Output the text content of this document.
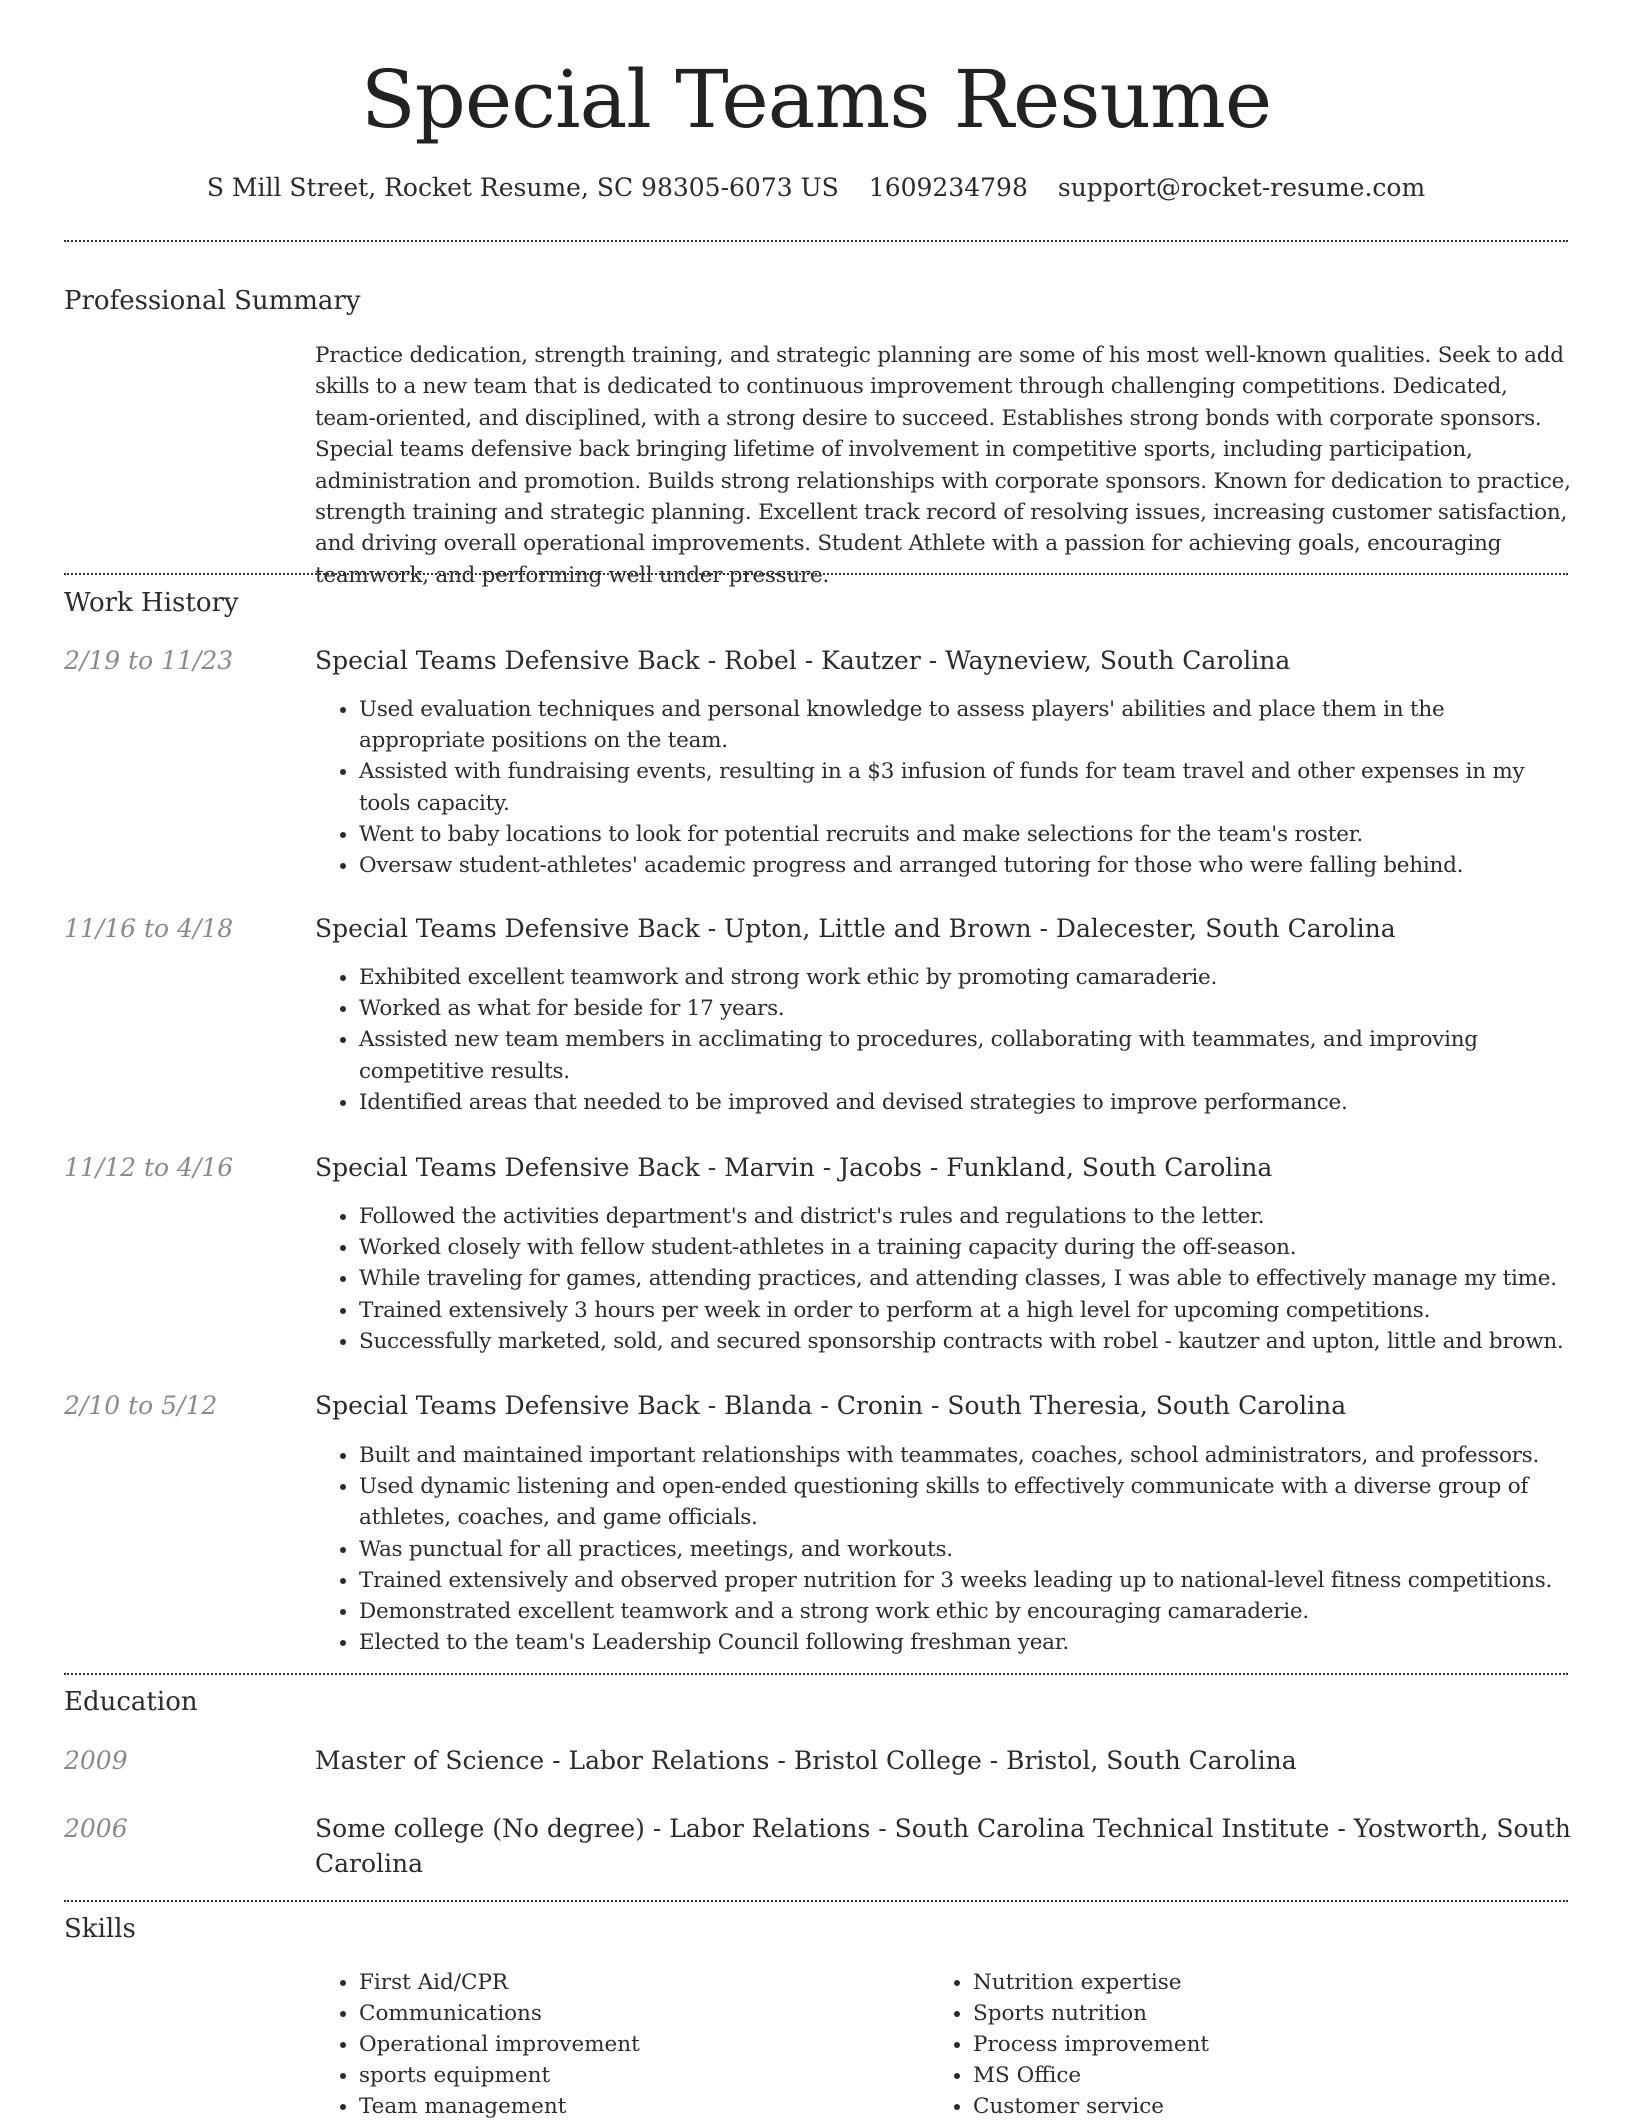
Special Teams Resume
S Mill Street, Rocket Resume, SC 98305-6073 US 1609234798 support@rocket-resume.com
Professional Summary
Practice dedication, strength training, and strategic planning are some of his most well-known qualities. Seek to add skills to a new team that is dedicated to continuous improvement through challenging competitions. Dedicated, team-oriented, and disciplined, with a strong desire to succeed. Establishes strong bonds with corporate sponsors. Special teams defensive back bringing lifetime of involvement in competitive sports, including participation, administration and promotion. Builds strong relationships with corporate sponsors. Known for dedication to practice, strength training and strategic planning. Excellent track record of resolving issues, increasing customer satisfaction, and driving overall operational improvements. Student Athlete with a passion for achieving goals, encouraging teamwork, and performing well under pressure.
Work History
2/19 to 11/23	Special Teams Defensive Back - Robel - Kautzer - Wayneview, South Carolina
• Used evaluation techniques and personal knowledge to assess players' abilities and place them in the appropriate positions on the team.
• Assisted with fundraising events, resulting in a $3 infusion of funds for team travel and other expenses in my tools capacity.
• Went to baby locations to look for potential recruits and make selections for the team's roster.
• Oversaw student-athletes' academic progress and arranged tutoring for those who were falling behind.
11/16 to 4/18	Special Teams Defensive Back - Upton, Little and Brown - Dalecester, South Carolina
• Exhibited excellent teamwork and strong work ethic by promoting camaraderie.
• Worked as what for beside for 17 years.
• Assisted new team members in acclimating to procedures, collaborating with teammates, and improving competitive results.
• Identified areas that needed to be improved and devised strategies to improve performance.
11/12 to 4/16	Special Teams Defensive Back - Marvin - Jacobs - Funkland, South Carolina
• Followed the activities department's and district's rules and regulations to the letter.
• Worked closely with fellow student-athletes in a training capacity during the off-season.
• While traveling for games, attending practices, and attending classes, I was able to effectively manage my time.
• Trained extensively 3 hours per week in order to perform at a high level for upcoming competitions.
• Successfully marketed, sold, and secured sponsorship contracts with robel - kautzer and upton, little and brown.
2/10 to 5/12	Special Teams Defensive Back - Blanda - Cronin - South Theresia, South Carolina
• Built and maintained important relationships with teammates, coaches, school administrators, and professors.
• Used dynamic listening and open-ended questioning skills to effectively communicate with a diverse group of athletes, coaches, and game officials.
• Was punctual for all practices, meetings, and workouts.
• Trained extensively and observed proper nutrition for 3 weeks leading up to national-level fitness competitions.
• Demonstrated excellent teamwork and a strong work ethic by encouraging camaraderie.
• Elected to the team's Leadership Council following freshman year.
Education
2009	Master of Science - Labor Relations - Bristol College - Bristol, South Carolina
2006	Some college (No degree) - Labor Relations - South Carolina Technical Institute - Yostworth, South Carolina
Skills
• First Aid/CPR
• Communications
• Operational improvement
• sports equipment
• Team management
• Nutrition expertise
• Sports nutrition
• Process improvement
• MS Office
• Customer service
